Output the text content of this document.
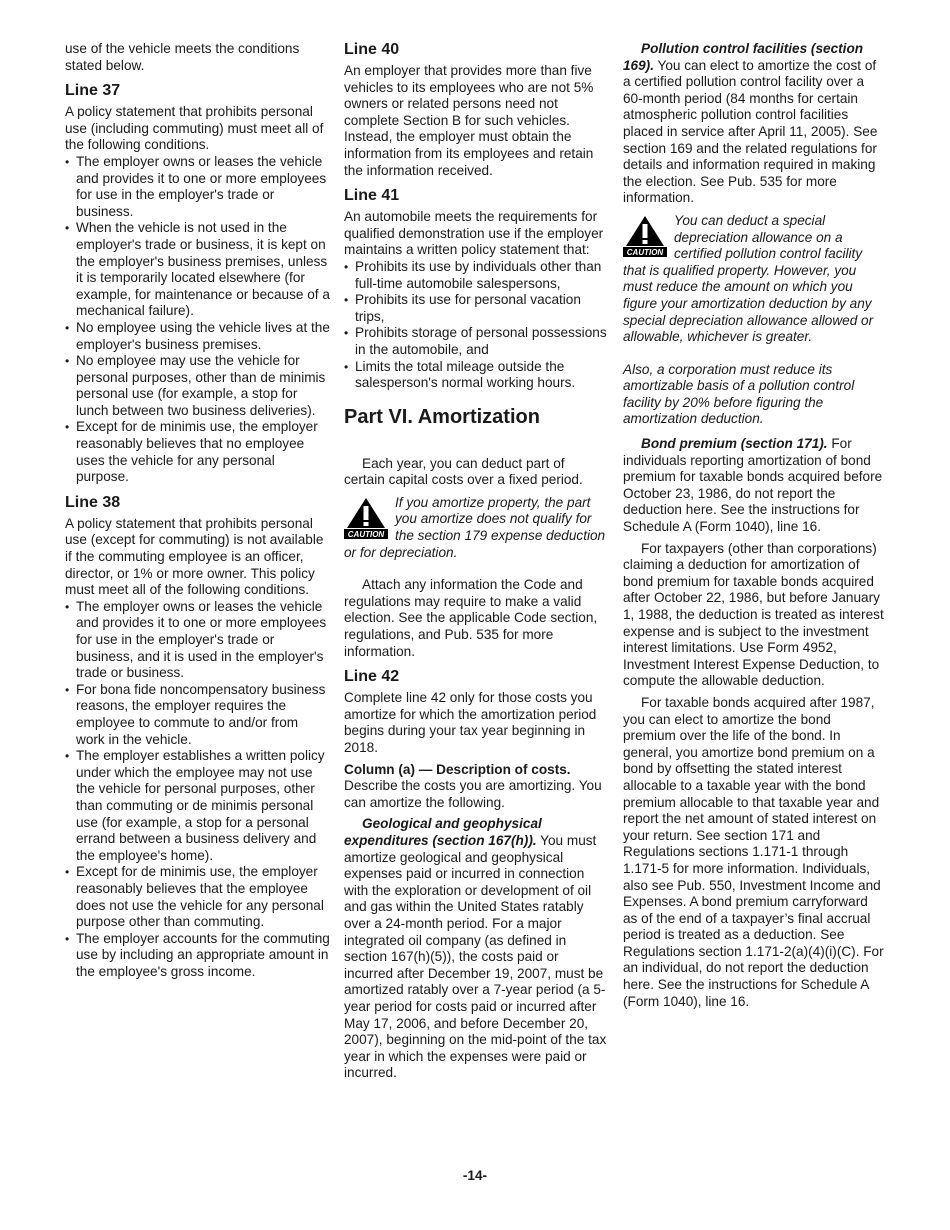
use of the vehicle meets the conditions stated below.

Line 37

A policy statement that prohibits personal use (including commuting) must meet all of the following conditions.

• The employer owns or leases the vehicle and provides it to one or more employees for use in the employer's trade or business.
• When the vehicle is not used in the employer's trade or business, it is kept on the employer's business premises, unless it is temporarily located elsewhere (for example, for maintenance or because of a mechanical failure).
• No employee using the vehicle lives at the employer's business premises.
• No employee may use the vehicle for personal purposes, other than de minimis personal use (for example, a stop for lunch between two business deliveries).
• Except for de minimis use, the employer reasonably believes that no employee uses the vehicle for any personal purpose.
Line 38

A policy statement that prohibits personal use (except for commuting) is not available if the commuting employee is an officer, director, or 1% or more owner. This policy must meet all of the following conditions.

• The employer owns or leases the vehicle and provides it to one or more employees for use in the employer's trade or business, and it is used in the employer's trade or business.
• For bona fide noncompensatory business reasons, the employer requires the employee to commute to and/or from work in the vehicle.
• The employer establishes a written policy under which the employee may not use the vehicle for personal purposes, other than commuting or de minimis personal use (for example, a stop for a personal errand between a business delivery and the employee's home).
• Except for de minimis use, the employer reasonably believes that the employee does not use the vehicle for any personal purpose other than commuting.
• The employer accounts for the commuting use by including an appropriate amount in the employee's gross income.
Line 40

An employer that provides more than five vehicles to its employees who are not 5% owners or related persons need not complete Section B for such vehicles. Instead, the employer must obtain the information from its employees and retain the information received.

Line 41

An automobile meets the requirements for qualified demonstration use if the employer maintains a written policy statement that:

• Prohibits its use by individuals other than full-time automobile salespersons,
• Prohibits its use for personal vacation trips,
• Prohibits storage of personal possessions in the automobile, and
• Limits the total mileage outside the salesperson's normal working hours.
Part VI. Amortization

Each year, you can deduct part of certain capital costs over a fixed period.

CAUTION
If you amortize property, the part you amortize does not qualify for the section 179 expense deduction or for depreciation.

Attach any information the Code and regulations may require to make a valid election. See the applicable Code section, regulations, and Pub. 535 for more information.

Line 42

Complete line 42 only for those costs you amortize for which the amortization period begins during your tax year beginning in 2018.

Column (a) — Description of costs. Describe the costs you are amortizing. You can amortize the following.

Geological and geophysical expenditures (section 167(h)). You must amortize geological and geophysical expenses paid or incurred in connection with the exploration or development of oil and gas within the United States ratably over a 24-month period. For a major integrated oil company (as defined in section 167(h)(5)), the costs paid or incurred after December 19, 2007, must be amortized ratably over a 7-year period (a 5-year period for costs paid or incurred after May 17, 2006, and before December 20, 2007), beginning on the mid-point of the tax year in which the expenses were paid or incurred.

Pollution control facilities (section 169). You can elect to amortize the cost of a certified pollution control facility over a 60-month period (84 months for certain atmospheric pollution control facilities placed in service after April 11, 2005). See section 169 and the related regulations for details and information required in making the election. See Pub. 535 for more information.

CAUTION
You can deduct a special depreciation allowance on a certified pollution control facility that is qualified property. However, you must reduce the amount on which you figure your amortization deduction by any special depreciation allowance allowed or allowable, whichever is greater.

Also, a corporation must reduce its amortizable basis of a pollution control facility by 20% before figuring the amortization deduction.

Bond premium (section 171). For individuals reporting amortization of bond premium for taxable bonds acquired before October 23, 1986, do not report the deduction here. See the instructions for Schedule A (Form 1040), line 16.

For taxpayers (other than corporations) claiming a deduction for amortization of bond premium for taxable bonds acquired after October 22, 1986, but before January 1, 1988, the deduction is treated as interest expense and is subject to the investment interest limitations. Use Form 4952, Investment Interest Expense Deduction, to compute the allowable deduction.

For taxable bonds acquired after 1987, you can elect to amortize the bond premium over the life of the bond. In general, you amortize bond premium on a bond by offsetting the stated interest allocable to a taxable year with the bond premium allocable to that taxable year and report the net amount of stated interest on your return. See section 171 and Regulations sections 1.171-1 through 1.171-5 for more information. Individuals, also see Pub. 550, Investment Income and Expenses. A bond premium carryforward as of the end of a taxpayer’s final accrual period is treated as a deduction. See Regulations section 1.171-2(a)(4)(i)(C). For an individual, do not report the deduction here. See the instructions for Schedule A (Form 1040), line 16.

-14-
